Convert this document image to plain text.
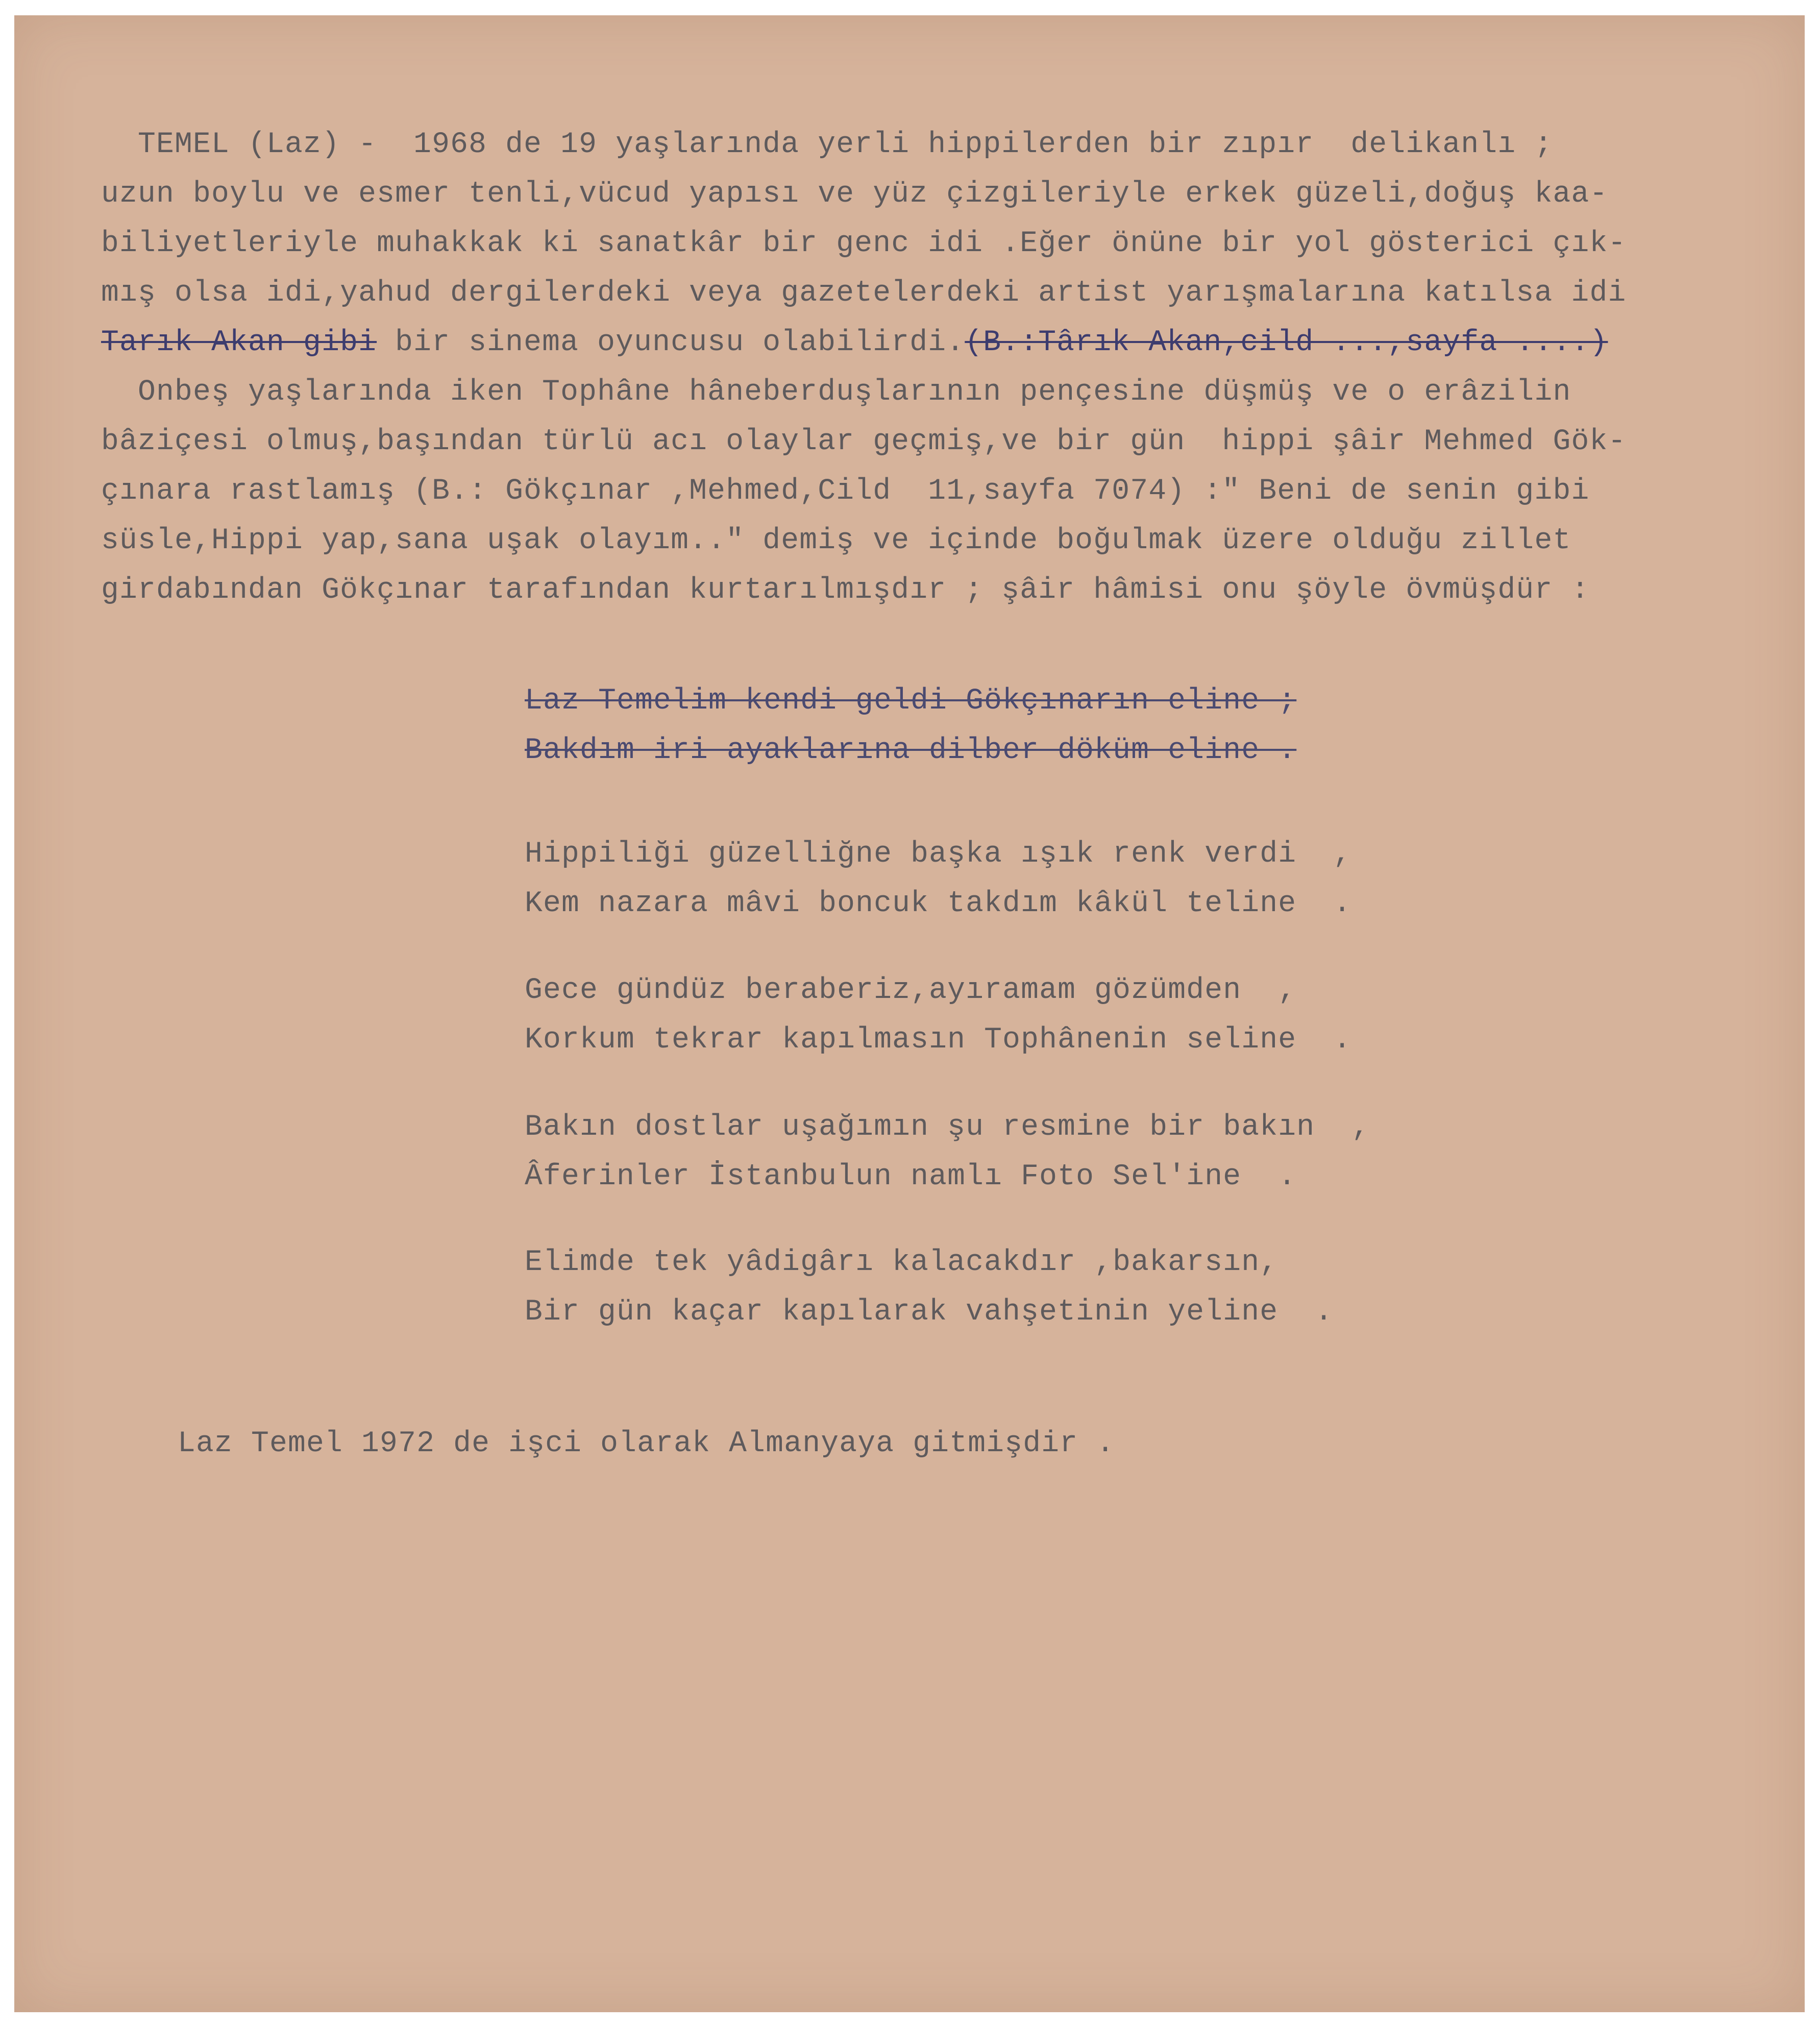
TEMEL (Laz) -  1968 de 19 yaşlarında yerli hippilerden bir zıpır  delikanlı ;
uzun boylu ve esmer tenli,vücud yapısı ve yüz çizgileriyle erkek güzeli,doğuş kaa-
biliyetleriyle muhakkak ki sanatkâr bir genc idi .Eğer önüne bir yol gösterici çık-
mış olsa idi,yahud dergilerdeki veya gazetelerdeki artist yarışmalarına katılsa idi
Tarık Akan gibi bir sinema oyuncusu olabilirdi.(B.:Târık Akan,cild ...,sayfa ....)
Onbeş yaşlarında iken Tophâne hâneberduşlarının pençesine düşmüş ve o erâzilin
bâziçesi olmuş,başından türlü acı olaylar geçmiş,ve bir gün  hippi şâir Mehmed Gök-
çınara rastlamış (B.: Gökçınar ,Mehmed,Cild  11,sayfa 7074) :" Beni de senin gibi
süsle,Hippi yap,sana uşak olayım.." demiş ve içinde boğulmak üzere olduğu zillet
girdabından Gökçınar tarafından kurtarılmışdır ; şâir hâmisi onu şöyle övmüşdür :
Laz Temelim kendi geldi Gökçınarın eline ;
Bakdım iri ayaklarına dilber döküm eline .
Hippiliği güzelliğne başka ışık renk verdi  ,
Kem nazara mâvi boncuk takdım kâkül teline  .
Gece gündüz beraberiz,ayıramam gözümden  ,
Korkum tekrar kapılmasın Tophânenin seline  .
Bakın dostlar uşağımın şu resmine bir bakın  ,
Âferinler İstanbulun namlı Foto Sel'ine  .
Elimde tek yâdigârı kalacakdır ,bakarsın,
Bir gün kaçar kapılarak vahşetinin yeline  .
Laz Temel 1972 de işci olarak Almanyaya gitmişdir .
